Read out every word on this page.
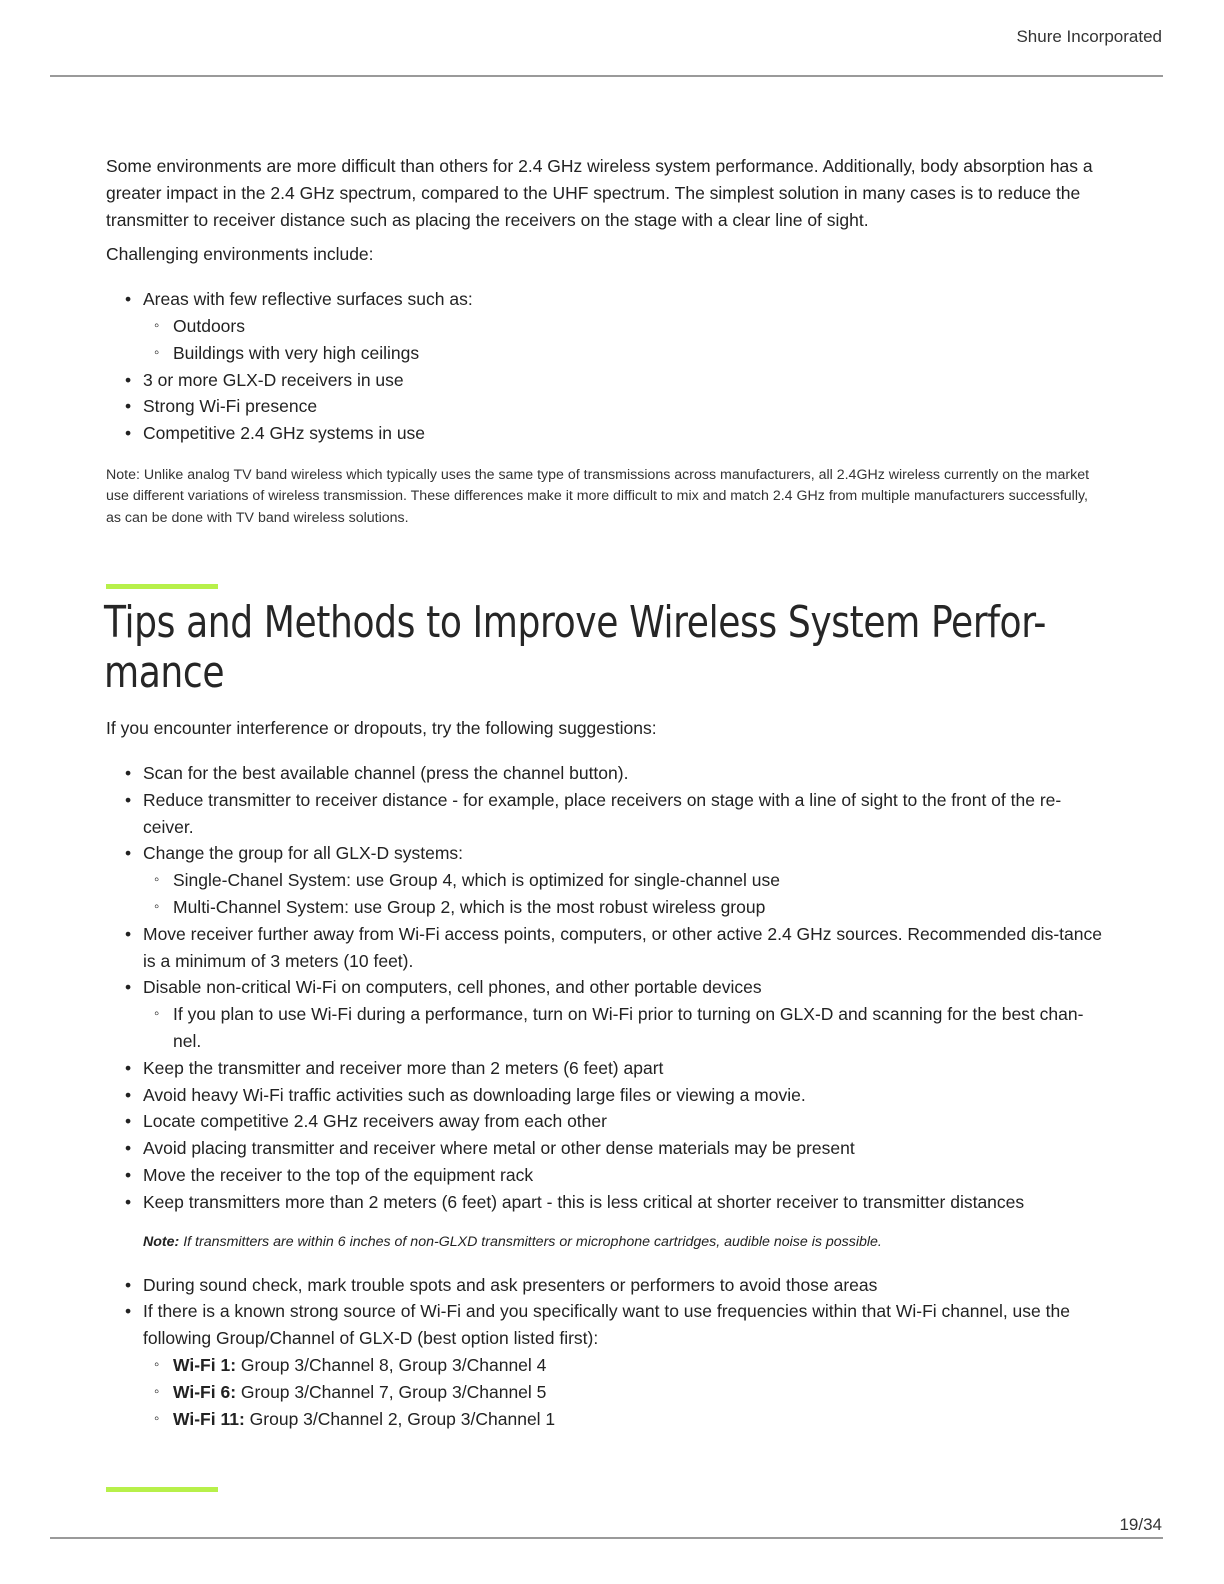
Shure Incorporated

Some environments are more difficult than others for 2.4 GHz wireless system performance. Additionally, body absorption has a greater impact in the 2.4 GHz spectrum, compared to the UHF spectrum. The simplest solution in many cases is to reduce the transmitter to receiver distance such as placing the receivers on the stage with a clear line of sight.

Challenging environments include:

• Areas with few reflective surfaces such as:
◦ Outdoors
◦ Buildings with very high ceilings
• 3 or more GLX-D receivers in use
• Strong Wi-Fi presence
• Competitive 2.4 GHz systems in use

Note: Unlike analog TV band wireless which typically uses the same type of transmissions across manufacturers, all 2.4GHz wireless currently on the market use different variations of wireless transmission. These differences make it more difficult to mix and match 2.4 GHz from multiple manufacturers successfully, as can be done with TV band wireless solutions.

Tips and Methods to Improve Wireless System Perfor-
mance

If you encounter interference or dropouts, try the following suggestions:

• Scan for the best available channel (press the channel button).
• Reduce transmitter to receiver distance - for example, place receivers on stage with a line of sight to the front of the re-ceiver.
• Change the group for all GLX-D systems:
◦ Single-Chanel System: use Group 4, which is optimized for single-channel use
◦ Multi-Channel System: use Group 2, which is the most robust wireless group
• Move receiver further away from Wi-Fi access points, computers, or other active 2.4 GHz sources. Recommended dis-tance is a minimum of 3 meters (10 feet).
• Disable non-critical Wi-Fi on computers, cell phones, and other portable devices
◦ If you plan to use Wi-Fi during a performance, turn on Wi-Fi prior to turning on GLX-D and scanning for the best chan-nel.
• Keep the transmitter and receiver more than 2 meters (6 feet) apart
• Avoid heavy Wi-Fi traffic activities such as downloading large files or viewing a movie.
• Locate competitive 2.4 GHz receivers away from each other
• Avoid placing transmitter and receiver where metal or other dense materials may be present
• Move the receiver to the top of the equipment rack
• Keep transmitters more than 2 meters (6 feet) apart - this is less critical at shorter receiver to transmitter distances

Note: If transmitters are within 6 inches of non-GLXD transmitters or microphone cartridges, audible noise is possible.

• During sound check, mark trouble spots and ask presenters or performers to avoid those areas
• If there is a known strong source of Wi-Fi and you specifically want to use frequencies within that Wi-Fi channel, use the following Group/Channel of GLX-D (best option listed first):
◦ Wi-Fi 1: Group 3/Channel 8, Group 3/Channel 4
◦ Wi-Fi 6: Group 3/Channel 7, Group 3/Channel 5
◦ Wi-Fi 11: Group 3/Channel 2, Group 3/Channel 1
19/34
